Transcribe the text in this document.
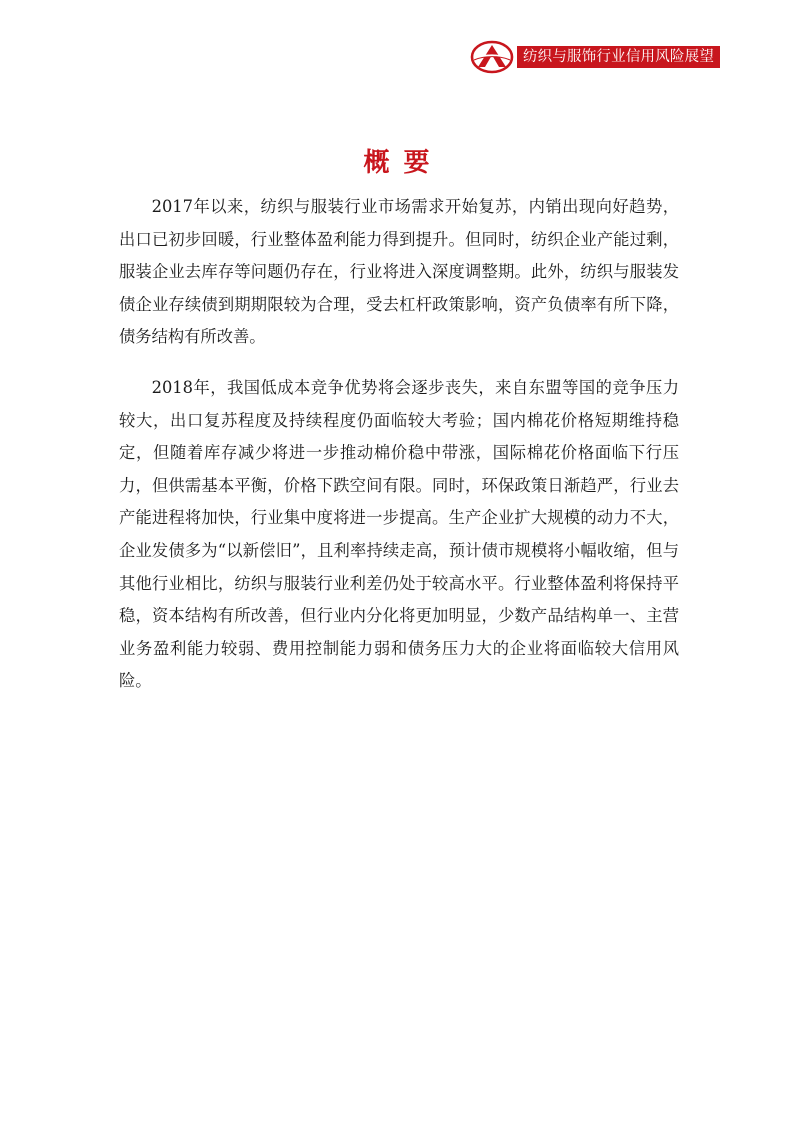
纺织与服饰行业信用风险展望
概要

2017年以来，纺织与服装行业市场需求开始复苏，内销出现向好趋势，出口已初步回暖，行业整体盈利能力得到提升。但同时，纺织企业产能过剩，服装企业去库存等问题仍存在，行业将进入深度调整期。此外，纺织与服装发债企业存续债到期期限较为合理，受去杠杆政策影响，资产负债率有所下降，债务结构有所改善。

2018年，我国低成本竞争优势将会逐步丧失，来自东盟等国的竞争压力较大，出口复苏程度及持续程度仍面临较大考验；国内棉花价格短期维持稳定，但随着库存减少将进一步推动棉价稳中带涨，国际棉花价格面临下行压力，但供需基本平衡，价格下跌空间有限。同时，环保政策日渐趋严，行业去产能进程将加快，行业集中度将进一步提高。生产企业扩大规模的动力不大，企业发债多为“以新偿旧”，且利率持续走高，预计债市规模将小幅收缩，但与其他行业相比，纺织与服装行业利差仍处于较高水平。行业整体盈利将保持平稳，资本结构有所改善，但行业内分化将更加明显，少数产品结构单一、主营业务盈利能力较弱、费用控制能力弱和债务压力大的企业将面临较大信用风险。
